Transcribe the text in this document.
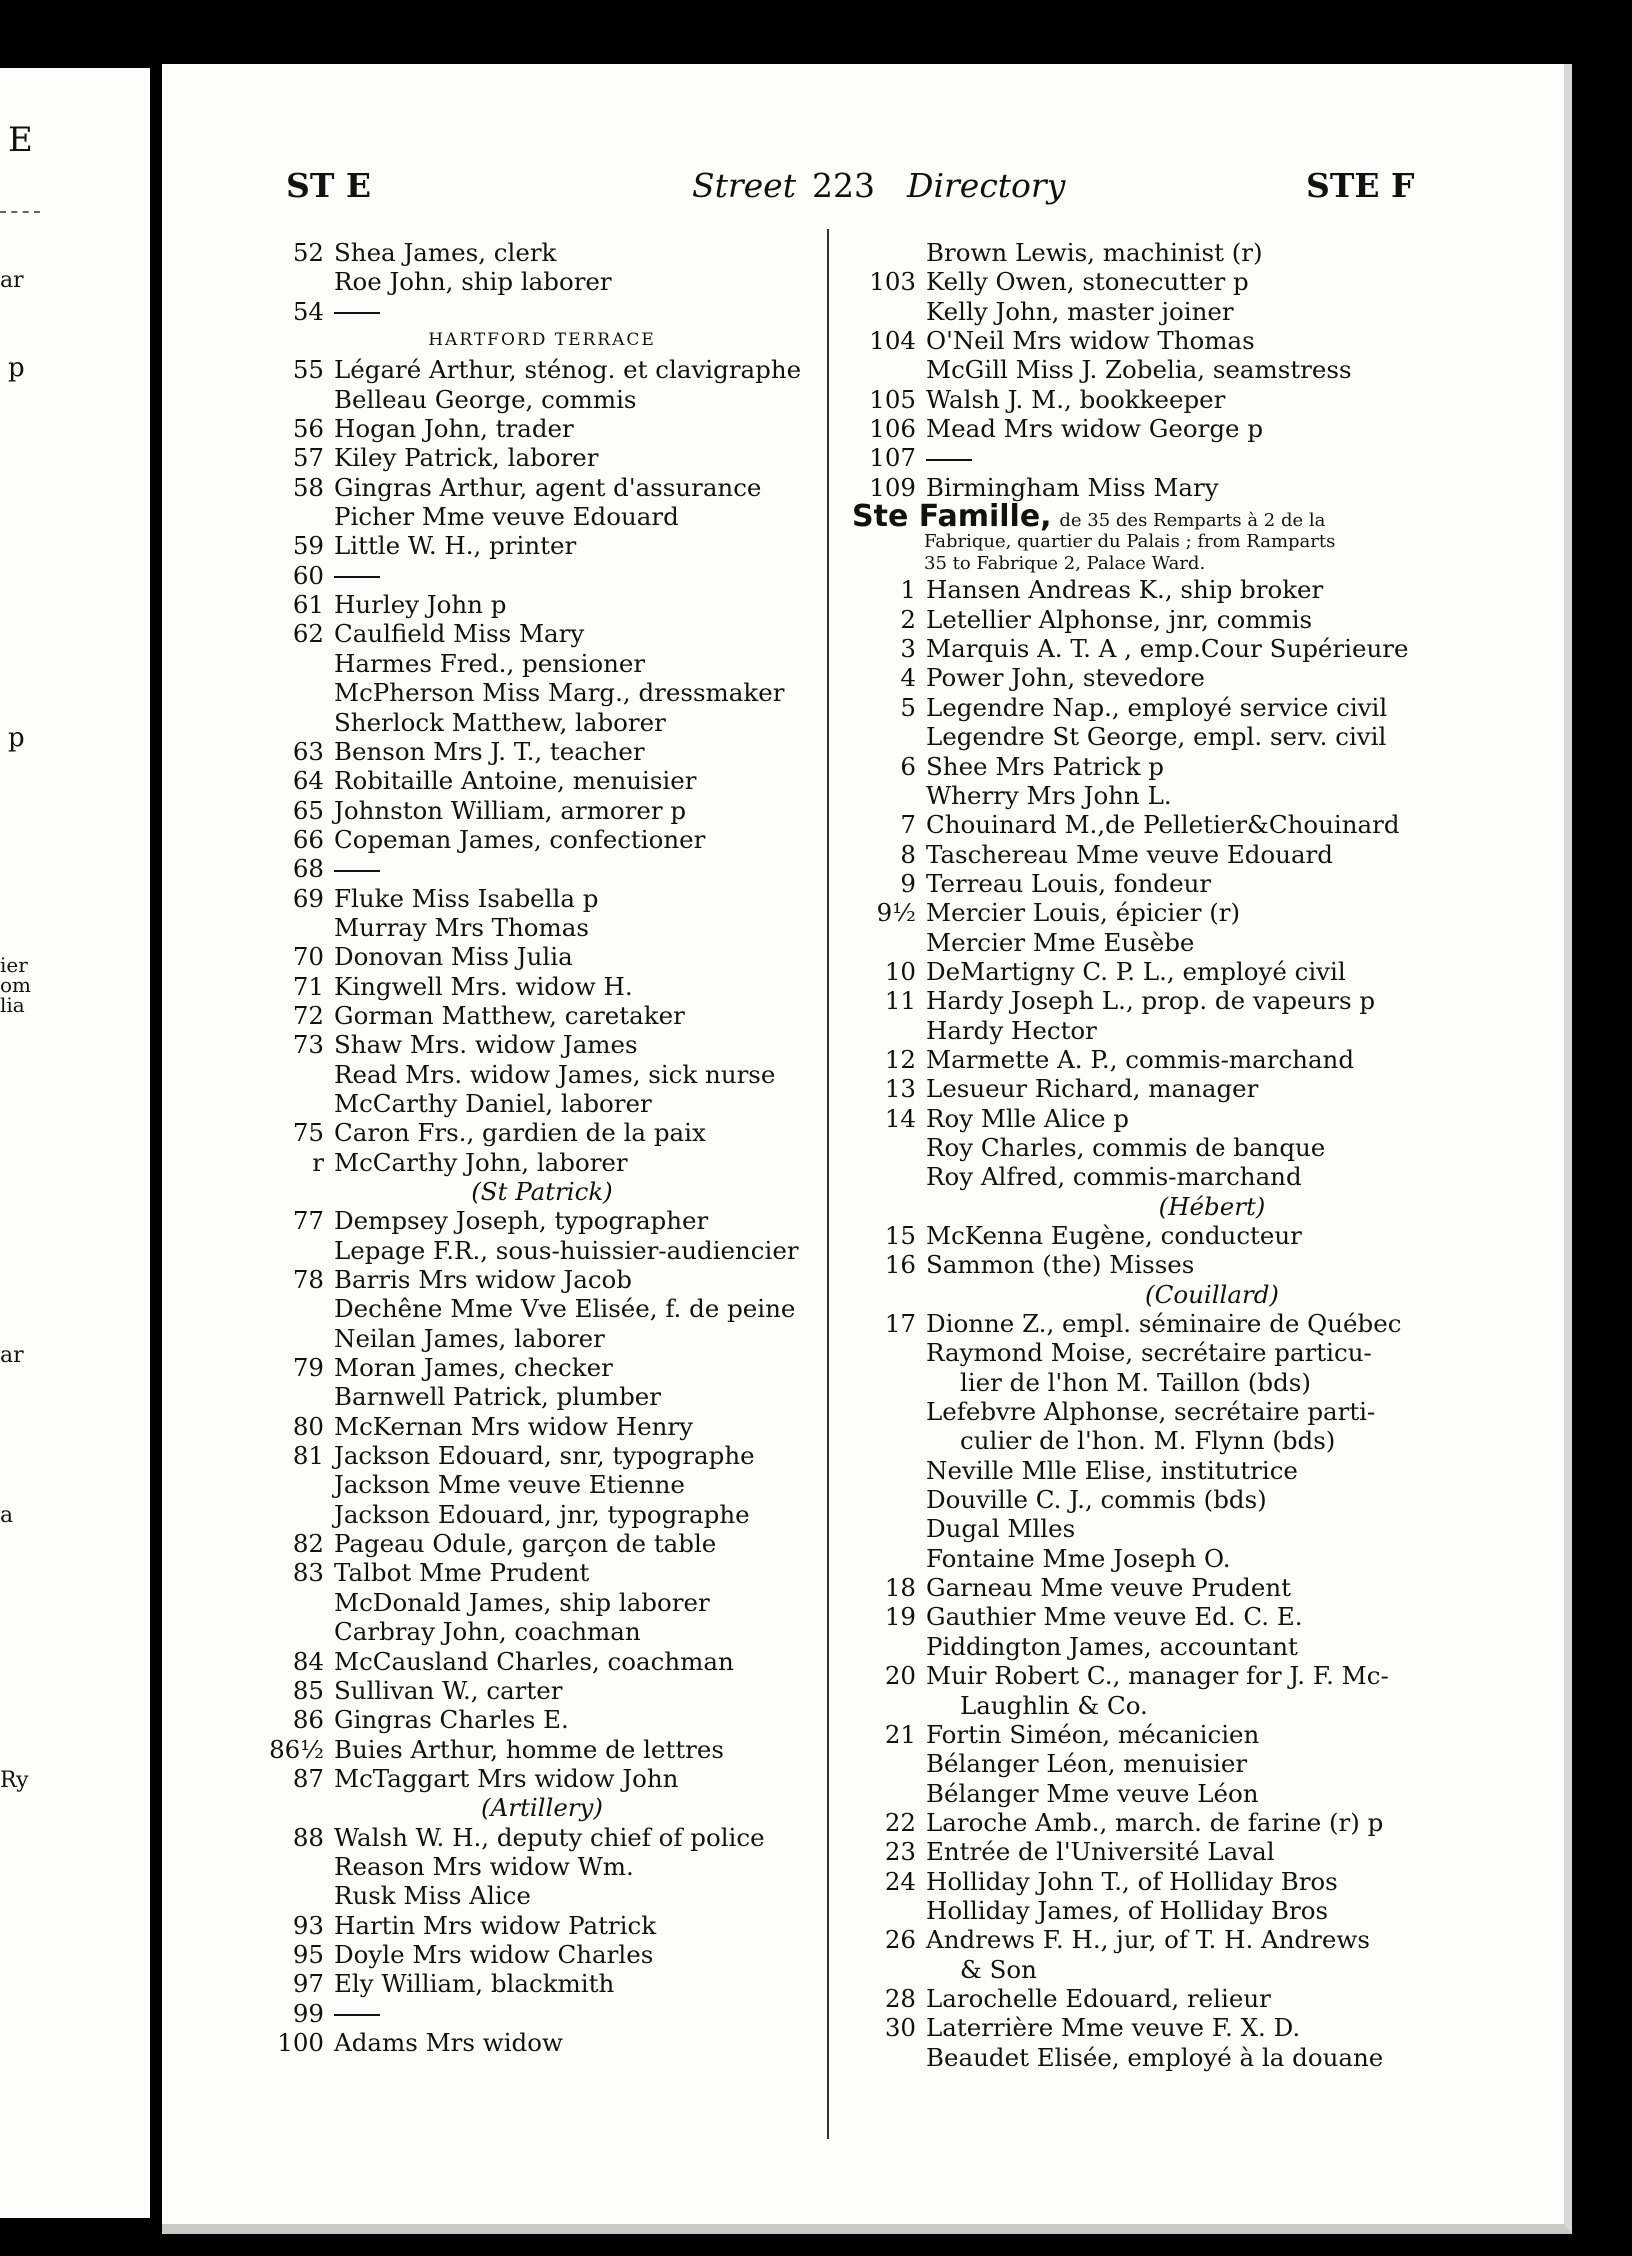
E
ar
p
p
ier
om
lia
ar
a
Ry
ST E	Street 223 Directory	STE F
52 Shea James, clerk
Roe John, ship laborer
54
HARTFORD TERRACE
55 Légaré Arthur, sténog. et clavigraphe
Belleau George, commis
56 Hogan John, trader
57 Kiley Patrick, laborer
58 Gingras Arthur, agent d'assurance
Picher Mme veuve Edouard
59 Little W. H., printer
60
61 Hurley John p
62 Caulfield Miss Mary
Harmes Fred., pensioner
McPherson Miss Marg., dressmaker
Sherlock Matthew, laborer
63 Benson Mrs J. T., teacher
64 Robitaille Antoine, menuisier
65 Johnston William, armorer p
66 Copeman James, confectioner
68
69 Fluke Miss Isabella p
Murray Mrs Thomas
70 Donovan Miss Julia
71 Kingwell Mrs. widow H.
72 Gorman Matthew, caretaker
73 Shaw Mrs. widow James
Read Mrs. widow James, sick nurse
McCarthy Daniel, laborer
75 Caron Frs., gardien de la paix
r McCarthy John, laborer
(St Patrick)
77 Dempsey Joseph, typographer
Lepage F.R., sous-huissier-audiencier
78 Barris Mrs widow Jacob
Dechêne Mme Vve Elisée, f. de peine
Neilan James, laborer
79 Moran James, checker
Barnwell Patrick, plumber
80 McKernan Mrs widow Henry
81 Jackson Edouard, snr, typographe
Jackson Mme veuve Etienne
Jackson Edouard, jnr, typographe
82 Pageau Odule, garçon de table
83 Talbot Mme Prudent
McDonald James, ship laborer
Carbray John, coachman
84 McCausland Charles, coachman
85 Sullivan W., carter
86 Gingras Charles E.
86½ Buies Arthur, homme de lettres
87 McTaggart Mrs widow John
(Artillery)
88 Walsh W. H., deputy chief of police
Reason Mrs widow Wm.
Rusk Miss Alice
93 Hartin Mrs widow Patrick
95 Doyle Mrs widow Charles
97 Ely William, blackmith
99
100 Adams Mrs widow
Brown Lewis, machinist (r)
103 Kelly Owen, stonecutter p
Kelly John, master joiner
104 O'Neil Mrs widow Thomas
McGill Miss J. Zobelia, seamstress
105 Walsh J. M., bookkeeper
106 Mead Mrs widow George p
107
109 Birmingham Miss Mary
Ste Famille, de 35 des Remparts à 2 de la
Fabrique, quartier du Palais ; from Ramparts
35 to Fabrique 2, Palace Ward.
1 Hansen Andreas K., ship broker
2 Letellier Alphonse, jnr, commis
3 Marquis A. T. A , emp.Cour Supérieure
4 Power John, stevedore
5 Legendre Nap., employé service civil
Legendre St George, empl. serv. civil
6 Shee Mrs Patrick p
Wherry Mrs John L.
7 Chouinard M.,de Pelletier&Chouinard
8 Taschereau Mme veuve Edouard
9 Terreau Louis, fondeur
9½ Mercier Louis, épicier (r)
Mercier Mme Eusèbe
10 DeMartigny C. P. L., employé civil
11 Hardy Joseph L., prop. de vapeurs p
Hardy Hector
12 Marmette A. P., commis-marchand
13 Lesueur Richard, manager
14 Roy Mlle Alice p
Roy Charles, commis de banque
Roy Alfred, commis-marchand
(Hébert)
15 McKenna Eugène, conducteur
16 Sammon (the) Misses
(Couillard)
17 Dionne Z., empl. séminaire de Québec
Raymond Moise, secrétaire particu-
lier de l'hon M. Taillon (bds)
Lefebvre Alphonse, secrétaire parti-
culier de l'hon. M. Flynn (bds)
Neville Mlle Elise, institutrice
Douville C. J., commis (bds)
Dugal Mlles
Fontaine Mme Joseph O.
18 Garneau Mme veuve Prudent
19 Gauthier Mme veuve Ed. C. E.
Piddington James, accountant
20 Muir Robert C., manager for J. F. Mc-
Laughlin & Co.
21 Fortin Siméon, mécanicien
Bélanger Léon, menuisier
Bélanger Mme veuve Léon
22 Laroche Amb., march. de farine (r) p
23 Entrée de l'Université Laval
24 Holliday John T., of Holliday Bros
Holliday James, of Holliday Bros
26 Andrews F. H., jur, of T. H. Andrews
& Son
28 Larochelle Edouard, relieur
30 Laterrière Mme veuve F. X. D.
Beaudet Elisée, employé à la douane
